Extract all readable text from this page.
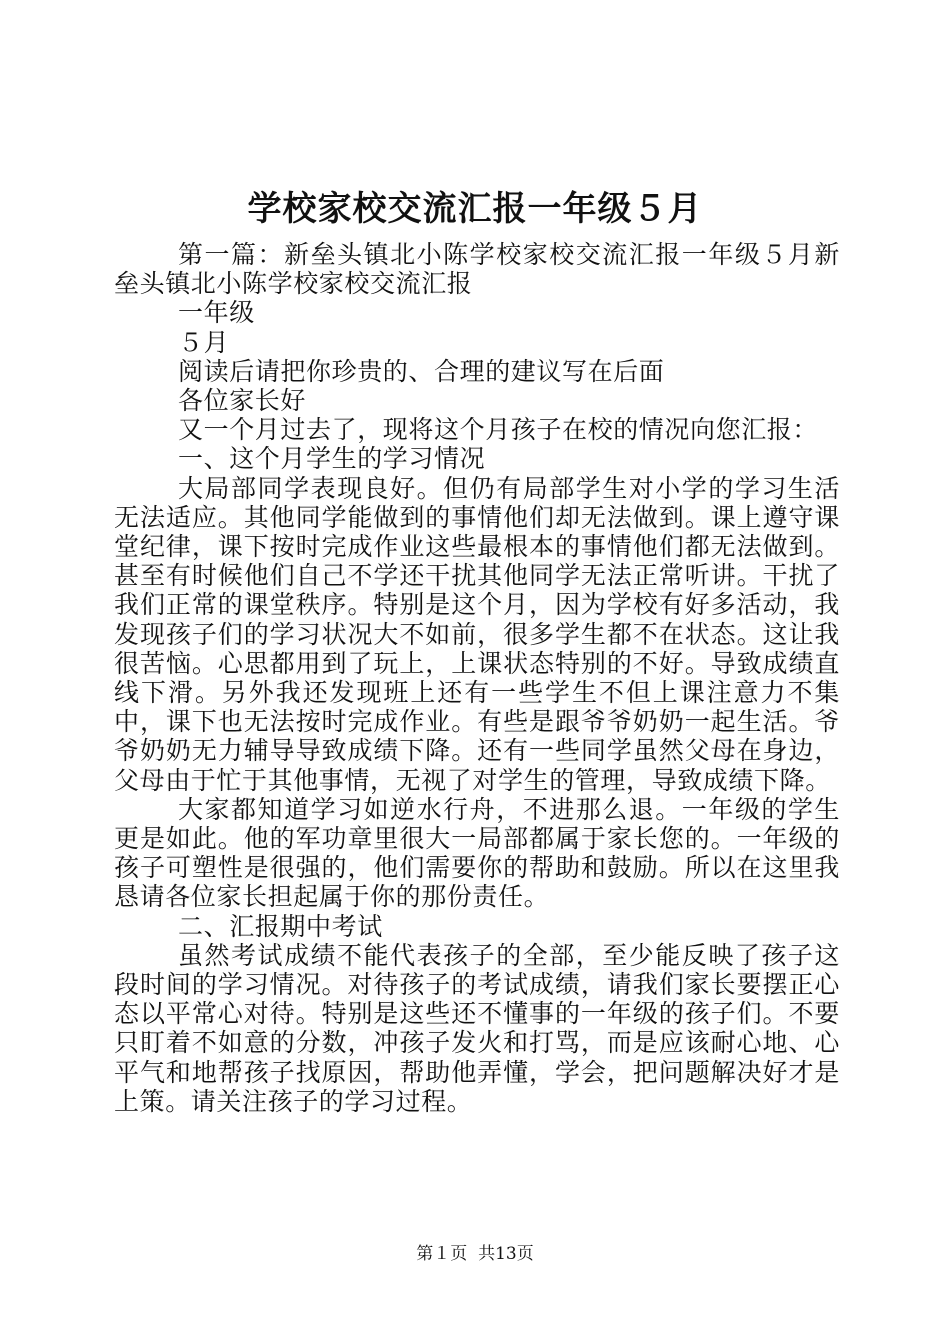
学校家校交流汇报一年级５月

第一篇：新垒头镇北小陈学校家校交流汇报一年级５月新垒头镇北小陈学校家校交流汇报

一年级

５月

阅读后请把你珍贵的、合理的建议写在后面

各位家长好

又一个月过去了，现将这个月孩子在校的情况向您汇报：

一、这个月学生的学习情况

大局部同学表现良好。但仍有局部学生对小学的学习生活无法适应。其他同学能做到的事情他们却无法做到。课上遵守课堂纪律，课下按时完成作业这些最根本的事情他们都无法做到。甚至有时候他们自己不学还干扰其他同学无法正常听讲。干扰了我们正常的课堂秩序。特别是这个月，因为学校有好多活动，我发现孩子们的学习状况大不如前，很多学生都不在状态。这让我很苦恼。心思都用到了玩上，上课状态特别的不好。导致成绩直线下滑。另外我还发现班上还有一些学生不但上课注意力不集中，课下也无法按时完成作业。有些是跟爷爷奶奶一起生活。爷爷奶奶无力辅导导致成绩下降。还有一些同学虽然父母在身边，父母由于忙于其他事情，无视了对学生的管理，导致成绩下降。

大家都知道学习如逆水行舟，不进那么退。一年级的学生更是如此。他的军功章里很大一局部都属于家长您的。一年级的孩子可塑性是很强的，他们需要你的帮助和鼓励。所以在这里我恳请各位家长担起属于你的那份责任。

二、汇报期中考试

虽然考试成绩不能代表孩子的全部，至少能反映了孩子这段时间的学习情况。对待孩子的考试成绩，请我们家长要摆正心态以平常心对待。特别是这些还不懂事的一年级的孩子们。不要只盯着不如意的分数，冲孩子发火和打骂，而是应该耐心地、心平气和地帮孩子找原因，帮助他弄懂，学会，把问题解决好才是上策。请关注孩子的学习过程。

第１页 共13页
